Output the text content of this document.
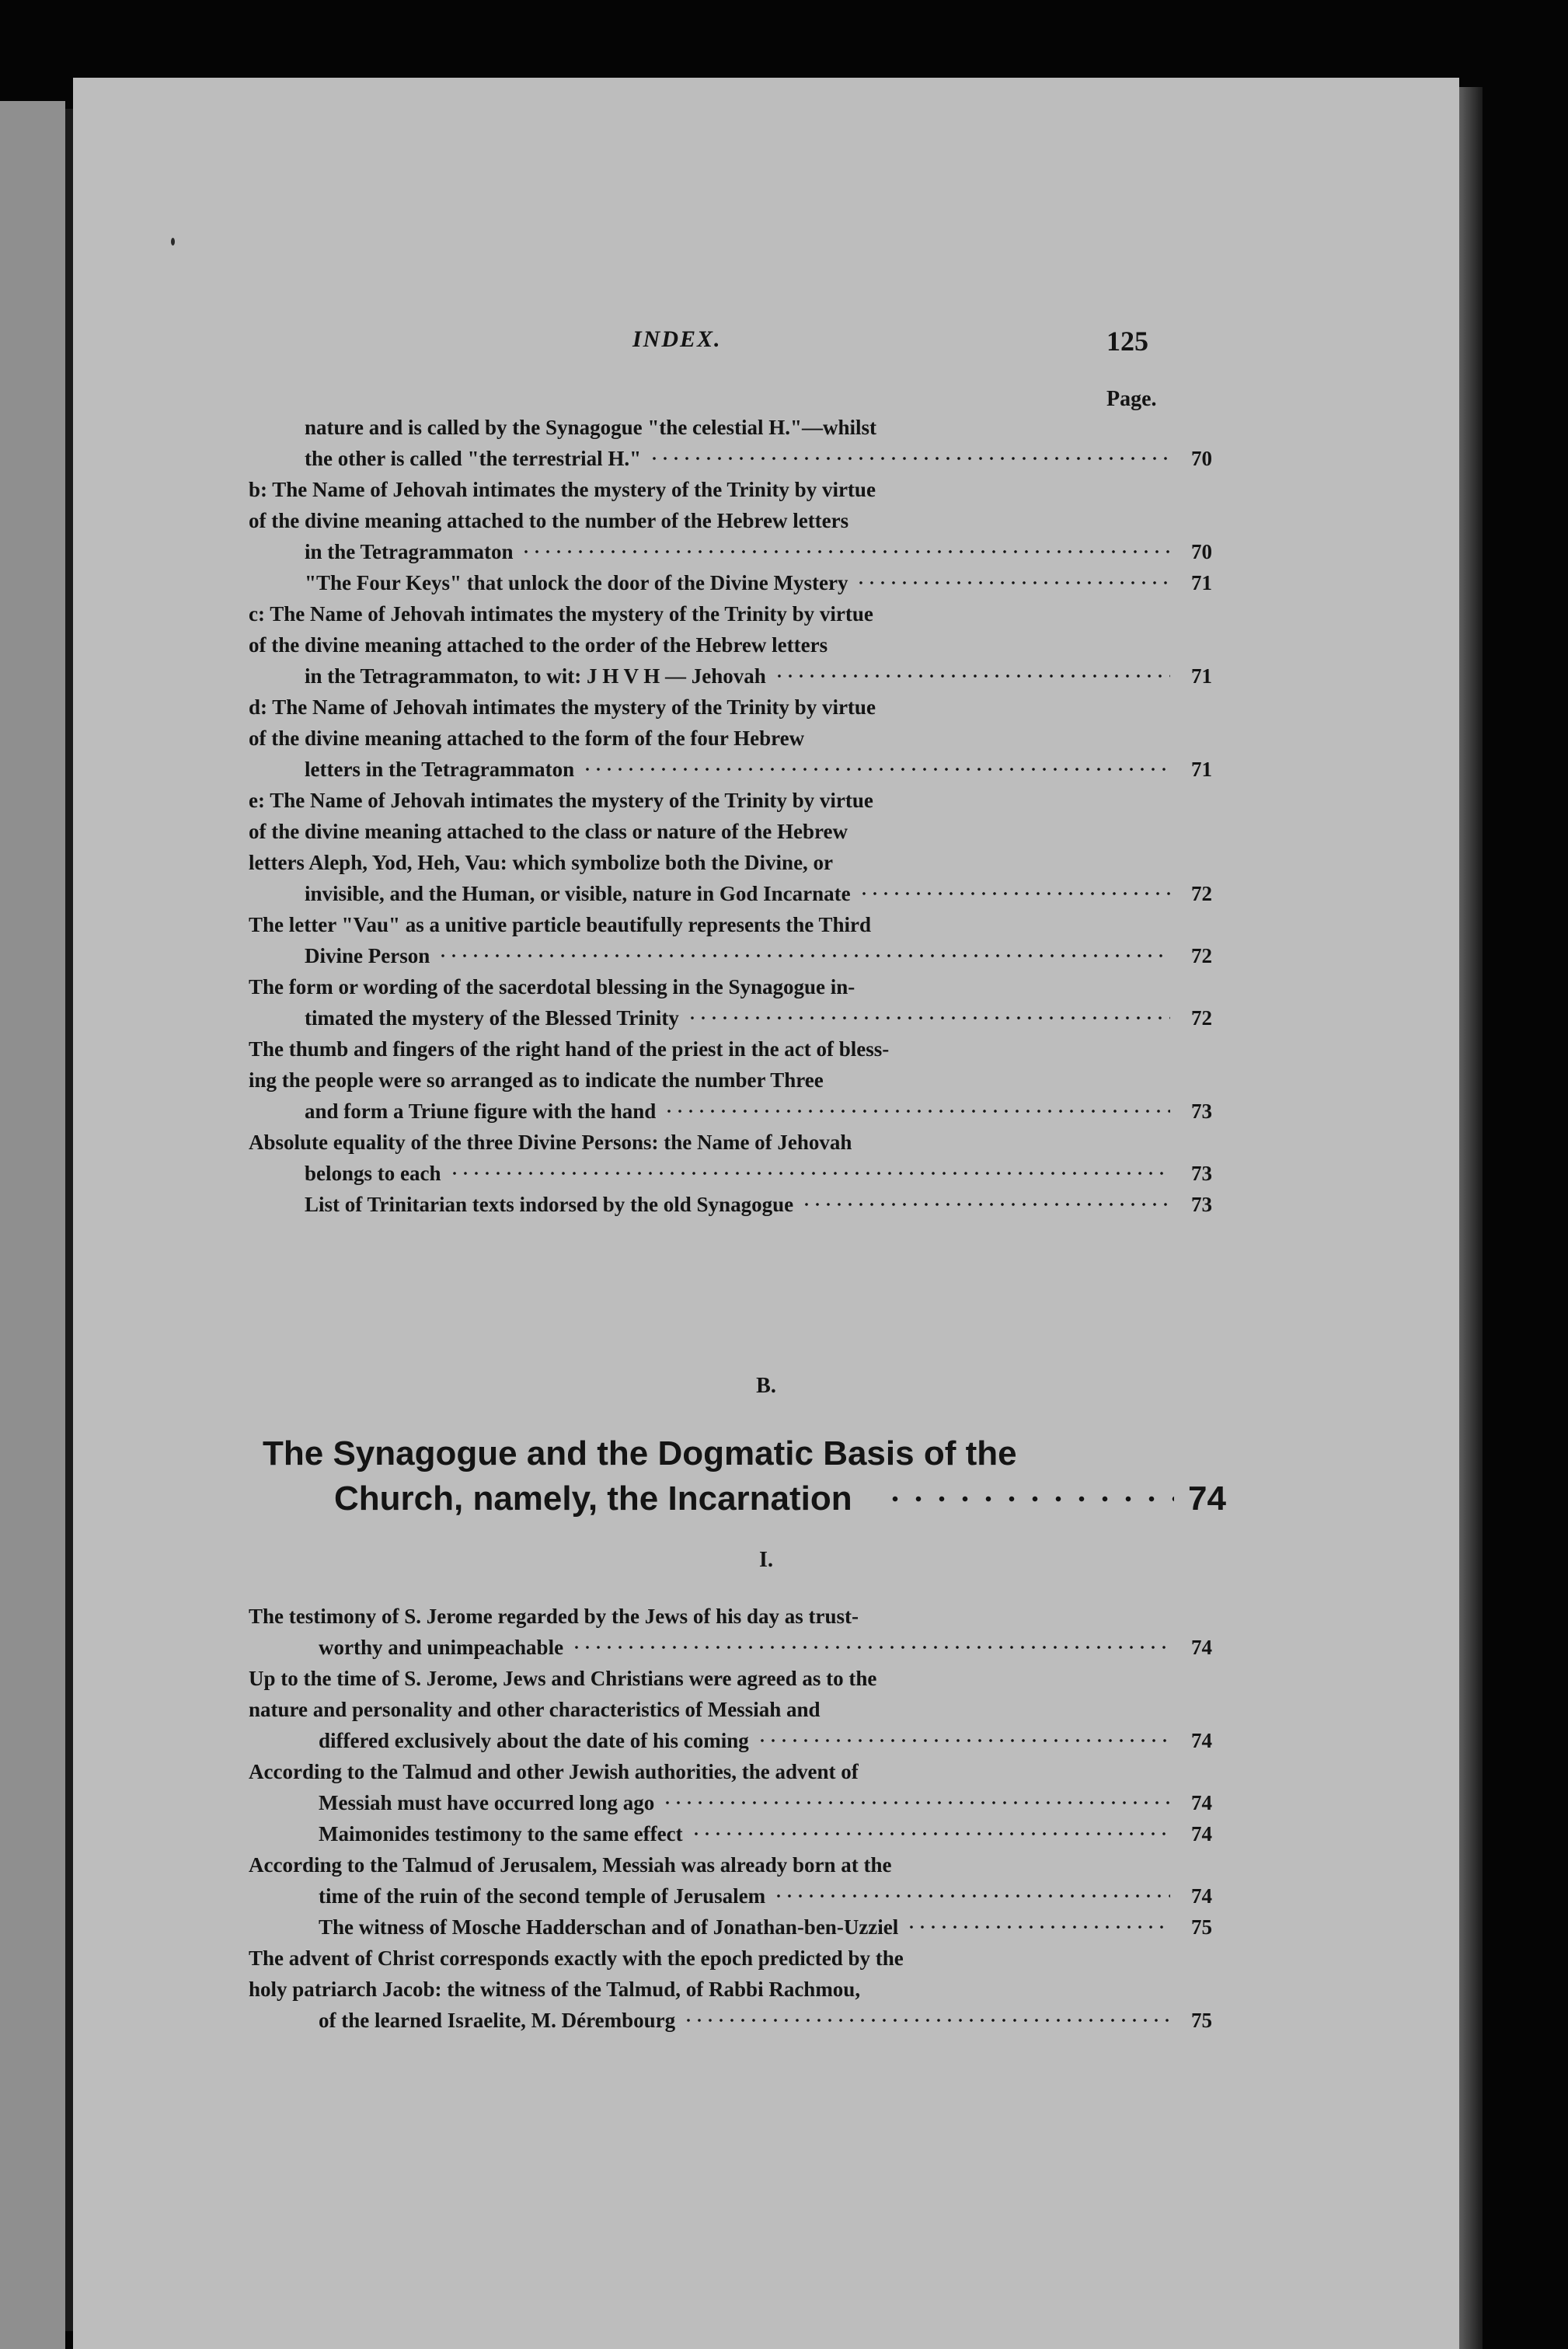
INDEX.	125
Page.
nature and is called by the Synagogue "the celestial H."—whilst
the other is called "the terrestrial H."	70
b: The Name of Jehovah intimates the mystery of the Trinity by virtue
of the divine meaning attached to the number of the Hebrew letters
in the Tetragrammaton	70
"The Four Keys" that unlock the door of the Divine Mystery	71
c: The Name of Jehovah intimates the mystery of the Trinity by virtue
of the divine meaning attached to the order of the Hebrew letters
in the Tetragrammaton, to wit: J H V H — Jehovah	71
d: The Name of Jehovah intimates the mystery of the Trinity by virtue
of the divine meaning attached to the form of the four Hebrew
letters in the Tetragrammaton	71
e: The Name of Jehovah intimates the mystery of the Trinity by virtue
of the divine meaning attached to the class or nature of the Hebrew
letters Aleph, Yod, Heh, Vau: which symbolize both the Divine, or
invisible, and the Human, or visible, nature in God Incarnate	72
The letter "Vau" as a unitive particle beautifully represents the Third
Divine Person	72
The form or wording of the sacerdotal blessing in the Synagogue in-
timated the mystery of the Blessed Trinity	72
The thumb and fingers of the right hand of the priest in the act of bless-
ing the people were so arranged as to indicate the number Three
and form a Triune figure with the hand	73
Absolute equality of the three Divine Persons: the Name of Jehovah
belongs to each	73
List of Trinitarian texts indorsed by the old Synagogue	73
B.
The Synagogue and the Dogmatic Basis of the
Church, namely, the Incarnation	74
I.
The testimony of S. Jerome regarded by the Jews of his day as trust-
worthy and unimpeachable	74
Up to the time of S. Jerome, Jews and Christians were agreed as to the
nature and personality and other characteristics of Messiah and
differed exclusively about the date of his coming	74
According to the Talmud and other Jewish authorities, the advent of
Messiah must have occurred long ago	74
Maimonides testimony to the same effect	74
According to the Talmud of Jerusalem, Messiah was already born at the
time of the ruin of the second temple of Jerusalem	74
The witness of Mosche Hadderschan and of Jonathan-ben-Uzziel	75
The advent of Christ corresponds exactly with the epoch predicted by the
holy patriarch Jacob: the witness of the Talmud, of Rabbi Rachmou,
of the learned Israelite, M. Dérembourg	75
